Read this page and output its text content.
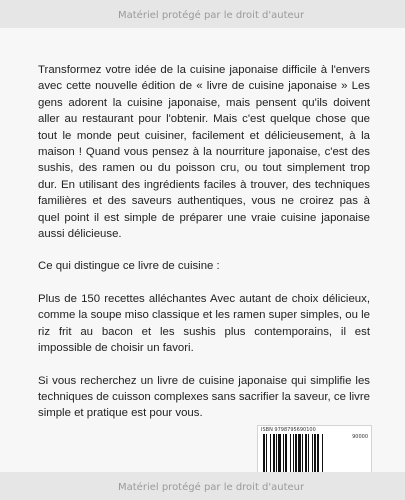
Matériel protégé par le droit d'auteur

Transformez votre idée de la cuisine japonaise difficile à l'envers avec cette nouvelle édition de « livre de cuisine japonaise » Les gens adorent la cuisine japonaise, mais pensent qu'ils doivent aller au restaurant pour l'obtenir. Mais c'est quelque chose que tout le monde peut cuisiner, facilement et délicieusement, à la maison ! Quand vous pensez à la nourriture japonaise, c'est des sushis, des ramen ou du poisson cru, ou tout simplement trop dur. En utilisant des ingrédients faciles à trouver, des techniques familières et des saveurs authentiques, vous ne croirez pas à quel point il est simple de préparer une vraie cuisine japonaise aussi délicieuse.

Ce qui distingue ce livre de cuisine :

Plus de 150 recettes alléchantes Avec autant de choix délicieux, comme la soupe miso classique et les ramen super simples, ou le riz frit au bacon et les sushis plus contemporains, il est impossible de choisir un favori.

Si vous recherchez un livre de cuisine japonaise qui simplifie les techniques de cuisson complexes sans sacrifier la saveur, ce livre simple et pratique est pour vous.

ISBN 9798795690100
90000
Matériel protégé par le droit d'auteur
